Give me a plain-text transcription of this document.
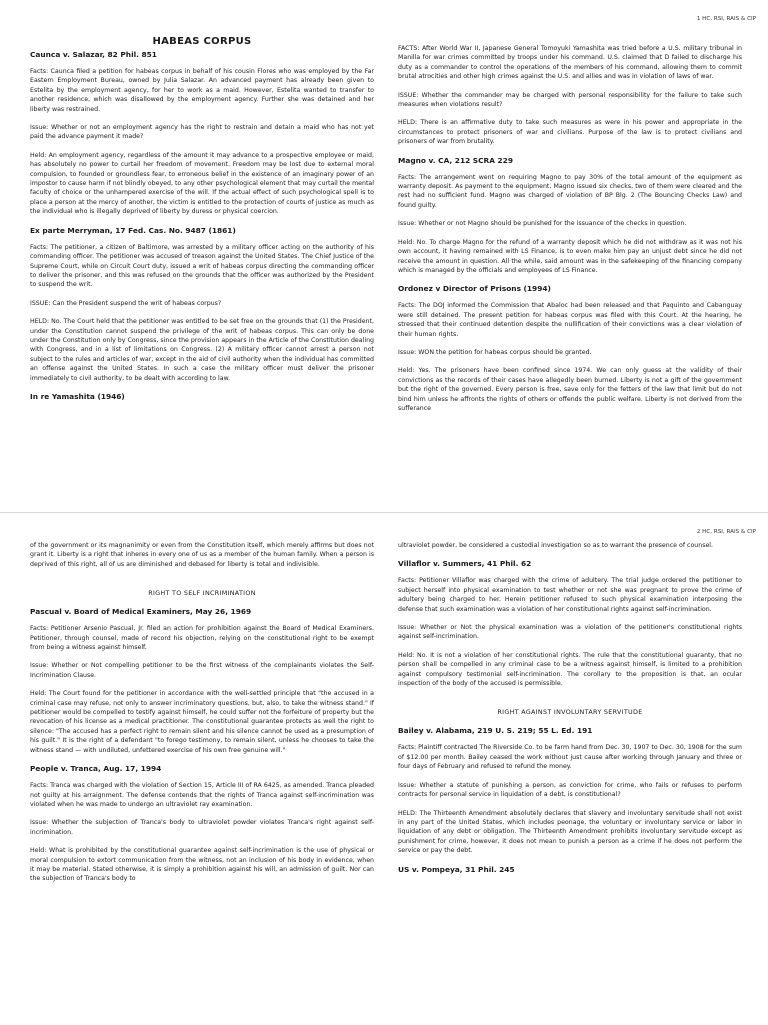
1 HC, RSI, RAIS & CIP
HABEAS CORPUS
Caunca v. Salazar, 82 Phil. 851

Facts: Caunca filed a petition for habeas corpus in behalf of his cousin Flores who was employed by the Far Eastern Employment Bureau, owned by Julia Salazar. An advanced payment has already been given to Estelita by the employment agency, for her to work as a maid. However, Estelita wanted to transfer to another residence, which was disallowed by the employment agency. Further she was detained and her liberty was restrained.

Issue: Whether or not an employment agency has the right to restrain and detain a maid who has not yet paid the advance payment it made?

Held: An employment agency, regardless of the amount it may advance to a prospective employee or maid, has absolutely no power to curtail her freedom of movement. Freedom may be lost due to external moral compulsion, to founded or groundless fear, to erroneous belief in the existence of an imaginary power of an impostor to cause harm if not blindly obeyed, to any other psychological element that may curtail the mental faculty of choice or the unhampered exercise of the will. If the actual effect of such psychological spell is to place a person at the mercy of another, the victim is entitled to the protection of courts of justice as much as the individual who is illegally deprived of liberty by duress or physical coercion.

Ex parte Merryman, 17 Fed. Cas. No. 9487 (1861)

Facts: The petitioner, a citizen of Baltimore, was arrested by a military officer acting on the authority of his commanding officer. The petitioner was accused of treason against the United States. The Chief Justice of the Supreme Court, while on Circuit Court duty, issued a writ of habeas corpus directing the commanding officer to deliver the prisoner, and this was refused on the grounds that the officer was authorized by the President to suspend the writ.

ISSUE: Can the President suspend the writ of habeas corpus?

HELD: No. The Court held that the petitioner was entitled to be set free on the grounds that (1) the President, under the Constitution cannot suspend the privilege of the writ of habeas corpus. This can only be done under the Constitution only by Congress, since the provision appears in the Article of the Constitution dealing with Congress, and in a list of limitations on Congress. (2) A military officer cannot arrest a person not subject to the rules and articles of war, except in the aid of civil authority when the individual has committed an offense against the United States. In such a case the military officer must deliver the prisoner immediately to civil authority, to be dealt with according to law.

In re Yamashita (1946)

FACTS: After World War II, Japanese General Tomoyuki Yamashita was tried before a U.S. military tribunal in Manilla for war crimes committed by troops under his command. U.S. claimed that D failed to discharge his duty as a commander to control the operations of the members of his command, allowing them to commit brutal atrocities and other high crimes against the U.S. and allies and was in violation of laws of war.

ISSUE: Whether the commander may be charged with personal responsibility for the failure to take such measures when violations result?

HELD: There is an affirmative duty to take such measures as were in his power and appropriate in the circumstances to protect prisoners of war and civilians. Purpose of the law is to protect civilians and prisoners of war from brutality.

Magno v. CA, 212 SCRA 229

Facts: The arrangement went on requiring Magno to pay 30% of the total amount of the equipment as warranty deposit. As payment to the equipment, Magno issued six checks, two of them were cleared and the rest had no sufficient fund. Magno was charged of violation of BP Blg. 2 (The Bouncing Checks Law) and found guilty.

Issue: Whether or not Magno should be punished for the issuance of the checks in question.

Held: No. To charge Magno for the refund of a warranty deposit which he did not withdraw as it was not his own account, it having remained with LS Finance, is to even make him pay an unjust debt since he did not receive the amount in question. All the while, said amount was in the safekeeping of the financing company which is managed by the officials and employees of LS Finance.

Ordonez v Director of Prisons (1994)

Facts: The DOJ informed the Commission that Abaloc had been released and that Paquinto and Cabanguay were still detained. The present petition for habeas corpus was filed with this Court. At the hearing, he stressed that their continued detention despite the nullification of their convictions was a clear violation of their human rights.

Issue: WON the petition for habeas corpus should be granted.

Held: Yes. The prisoners have been confined since 1974. We can only guess at the validity of their convictions as the records of their cases have allegedly been burned. Liberty is not a gift of the government but the right of the governed. Every person is free, save only for the fetters of the law that limit but do not bind him unless he affronts the rights of others or offends the public welfare. Liberty is not derived from the sufferance

2 HC, RSI, RAIS & CIP

of the government or its magnanimity or even from the Constitution itself, which merely affirms but does not grant it. Liberty is a right that inheres in every one of us as a member of the human family. When a person is deprived of this right, all of us are diminished and debased for liberty is total and indivisible.

RIGHT TO SELF INCRIMINATION
Pascual v. Board of Medical Examiners, May 26, 1969

Facts: Petitioner Arsenio Pascual, Jr. filed an action for prohibition against the Board of Medical Examiners. Petitioner, through counsel, made of record his objection, relying on the constitutional right to be exempt from being a witness against himself.

Issue: Whether or Not compelling petitioner to be the first witness of the complainants violates the Self-Incrimination Clause.

Held: The Court found for the petitioner in accordance with the well-settled principle that "the accused in a criminal case may refuse, not only to answer incriminatory questions, but, also, to take the witness stand." If petitioner would be compelled to testify against himself, he could suffer not the forfeiture of property but the revocation of his license as a medical practitioner. The constitutional guarantee protects as well the right to silence: "The accused has a perfect right to remain silent and his silence cannot be used as a presumption of his guilt." It is the right of a defendant "to forego testimony, to remain silent, unless he chooses to take the witness stand — with undiluted, unfettered exercise of his own free genuine will."

People v. Tranca, Aug. 17, 1994

Facts: Tranca was charged with the violation of Section 15, Article III of RA 6425, as amended. Tranca pleaded not guilty at his arraignment. The defense contends that the rights of Tranca against self-incrimination was violated when he was made to undergo an ultraviolet ray examination.

Issue: Whether the subjection of Tranca's body to ultraviolet powder violates Tranca's right against self-incrimination.

Held: What is prohibited by the constitutional guarantee against self-incrimination is the use of physical or moral compulsion to extort communication from the witness, not an inclusion of his body in evidence, when it may be material. Stated otherwise, it is simply a prohibition against his will, an admission of guilt. Nor can the subjection of Tranca's body to

ultraviolet powder, be considered a custodial investigation so as to warrant the presence of counsel.

Villaflor v. Summers, 41 Phil. 62

Facts: Petitioner Villaflor was charged with the crime of adultery. The trial judge ordered the petitioner to subject herself into physical examination to test whether or not she was pregnant to prove the crime of adultery being charged to her. Herein petitioner refused to such physical examination interposing the defense that such examination was a violation of her constitutional rights against self-incrimination.

Issue: Whether or Not the physical examination was a violation of the petitioner's constitutional rights against self-incrimination.

Held: No. It is not a violation of her constitutional rights. The rule that the constitutional guaranty, that no person shall be compelled in any criminal case to be a witness against himself, is limited to a prohibition against compulsory testimonial self-incrimination. The corollary to the proposition is that, an ocular inspection of the body of the accused is permissible.

RIGHT AGAINST INVOLUNTARY SERVITUDE
Bailey v. Alabama, 219 U. S. 219; 55 L. Ed. 191

Facts: Plaintiff contracted The Riverside Co. to be farm hand from Dec. 30, 1907 to Dec. 30, 1908 for the sum of $12.00 per month. Bailey ceased the work without just cause after working through January and three or four days of February and refused to refund the money.

Issue: Whether a statute of punishing a person, as conviction for crime, who fails or refuses to perform contracts for personal service in liquidation of a debt, is constitutional?

HELD: The Thirteenth Amendment absolutely declares that slavery and involuntary servitude shall not exist in any part of the United States, which includes peonage, the voluntary or involuntary service or labor in liquidation of any debt or obligation. The Thirteenth Amendment prohibits involuntary servitude except as punishment for crime, however, it does not mean to punish a person as a crime if he does not perform the service or pay the debt.

US v. Pompeya, 31 Phil. 245
